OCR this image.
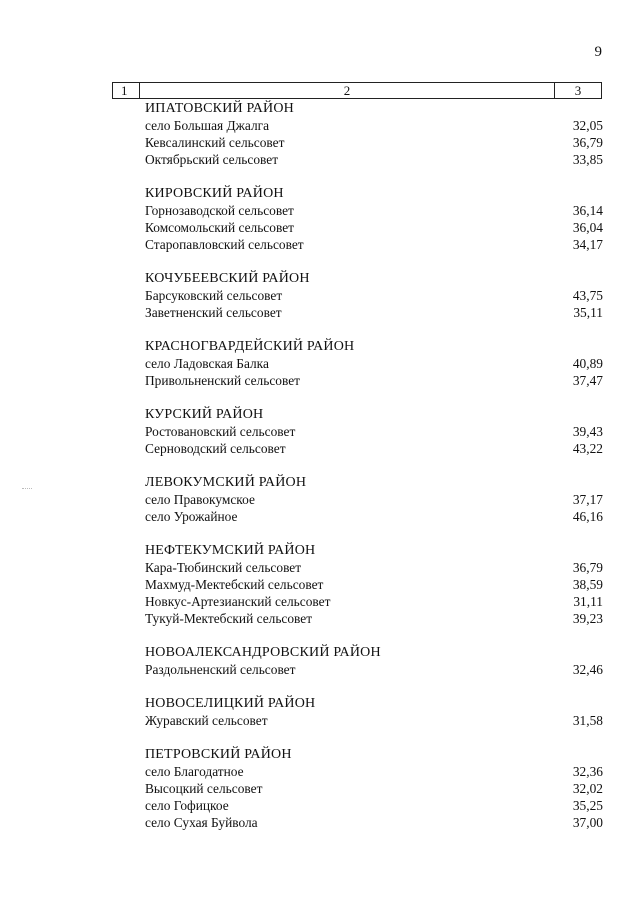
9
1	2	3
ИПАТОВСКИЙ РАЙОН
село Большая Джалга	32,05
Кевсалинский сельсовет	36,79
Октябрьский сельсовет	33,85
КИРОВСКИЙ РАЙОН
Горнозаводской сельсовет	36,14
Комсомольский сельсовет	36,04
Старопавловский сельсовет	34,17
КОЧУБЕЕВСКИЙ РАЙОН
Барсуковский сельсовет	43,75
Заветненский сельсовет	35,11
КРАСНОГВАРДЕЙСКИЙ РАЙОН
село Ладовская Балка	40,89
Привольненский сельсовет	37,47
КУРСКИЙ РАЙОН
Ростовановский сельсовет	39,43
Серноводский сельсовет	43,22
ЛЕВОКУМСКИЙ РАЙОН
село Правокумское	37,17
село Урожайное	46,16
НЕФТЕКУМСКИЙ РАЙОН
Кара-Тюбинский сельсовет	36,79
Махмуд-Мектебский сельсовет	38,59
Новкус-Артезианский сельсовет	31,11
Тукуй-Мектебский сельсовет	39,23
НОВОАЛЕКСАНДРОВСКИЙ РАЙОН
Раздольненский сельсовет	32,46
НОВОСЕЛИЦКИЙ РАЙОН
Журавский сельсовет	31,58
ПЕТРОВСКИЙ РАЙОН
село Благодатное	32,36
Высоцкий сельсовет	32,02
село Гофицкое	35,25
село Сухая Буйвола	37,00
